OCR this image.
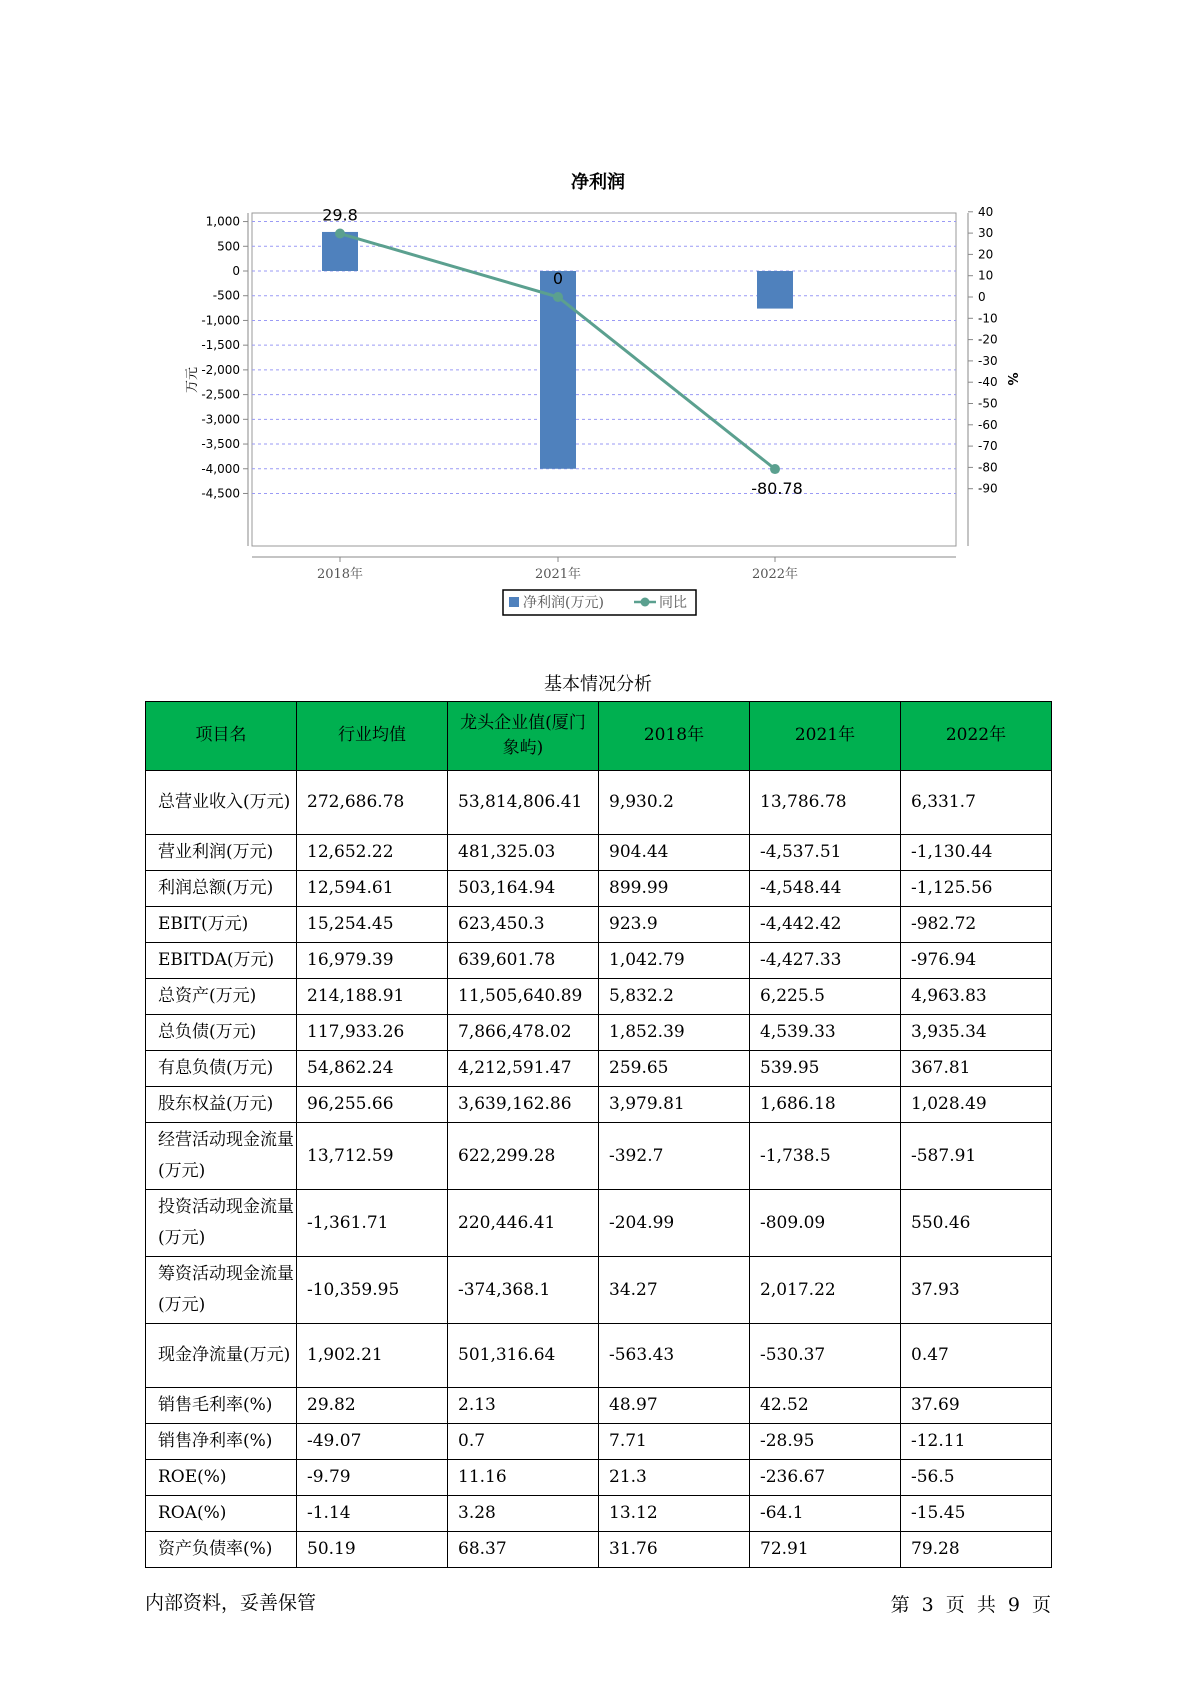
净利润
1,000
500
0
-500
-1,000
-1,500
-2,000
-2,500
-3,000
-3,500
-4,000
-4,500
40
30
20
10
0
-10
-20
-30
-40
-50
-60
-70
-80
-90
万元	%
29.8
0
-80.78
2018年	2021年	2022年
净利润(万元)	同比
基本情况分析
项目名	行业均值	龙头企业值(厦门象屿)	2018年	2021年	2022年
总营业收入(万元)	272,686.78	53,814,806.41	9,930.2	13,786.78	6,331.7
营业利润(万元)	12,652.22	481,325.03	904.44	-4,537.51	-1,130.44
利润总额(万元)	12,594.61	503,164.94	899.99	-4,548.44	-1,125.56
EBIT(万元)	15,254.45	623,450.3	923.9	-4,442.42	-982.72
EBITDA(万元)	16,979.39	639,601.78	1,042.79	-4,427.33	-976.94
总资产(万元)	214,188.91	11,505,640.89	5,832.2	6,225.5	4,963.83
总负债(万元)	117,933.26	7,866,478.02	1,852.39	4,539.33	3,935.34
有息负债(万元)	54,862.24	4,212,591.47	259.65	539.95	367.81
股东权益(万元)	96,255.66	3,639,162.86	3,979.81	1,686.18	1,028.49
经营活动现金流量(万元)	13,712.59	622,299.28	-392.7	-1,738.5	-587.91
投资活动现金流量(万元)	-1,361.71	220,446.41	-204.99	-809.09	550.46
筹资活动现金流量(万元)	-10,359.95	-374,368.1	34.27	2,017.22	37.93
现金净流量(万元)	1,902.21	501,316.64	-563.43	-530.37	0.47
销售毛利率(%)	29.82	2.13	48.97	42.52	37.69
销售净利率(%)	-49.07	0.7	7.71	-28.95	-12.11
ROE(%)	-9.79	11.16	21.3	-236.67	-56.5
ROA(%)	-1.14	3.28	13.12	-64.1	-15.45
资产负债率(%)	50.19	68.37	31.76	72.91	79.28
内部资料，妥善保管	第 3 页 共 9 页
